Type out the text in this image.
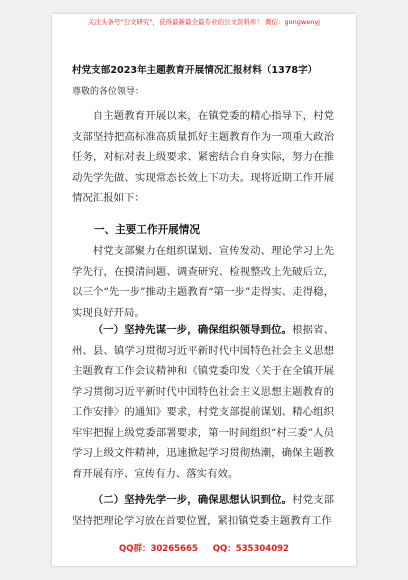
关注头条号"公文研究"，获得最新最全最专业的公文资料库！ 微信：gongwenyj
村党支部2023年主题教育开展情况汇报材料（1378字）
尊敬的各位领导：
自主题教育开展以来，在镇党委的精心指导下，村党支部坚持把高标准高质量抓好主题教育作为一项重大政治任务，对标对表上级要求、紧密结合自身实际，努力在推动先学先做、实现常态长效上下功夫。现将近期工作开展情况汇报如下：
一、主要工作开展情况
村党支部聚力在组织谋划、宣传发动、理论学习上先学先行，在摸清问题、调查研究、检视整改上先破后立，以三个“先一步”推动主题教育“第一步”走得实、走得稳，实现良好开局。
（一）坚持先谋一步，确保组织领导到位。根据省、州、县、镇学习贯彻习近平新时代中国特色社会主义思想主题教育工作会议精神和《镇党委印发〈关于在全镇开展学习贯彻习近平新时代中国特色社会主义思想主题教育的工作安排〉的通知》要求，村党支部提前谋划、精心组织牢牢把握上级党委部署要求，第一时间组织“村三委”人员学习上级文件精神，迅速掀起学习贯彻热潮，确保主题教育开展有序、宣传有力、落实有效。
（二）坚持先学一步，确保思想认识到位。村党支部坚持把理论学习放在首要位置，紧扣镇党委主题教育工作
QQ群：30265665 QQ：535304092
